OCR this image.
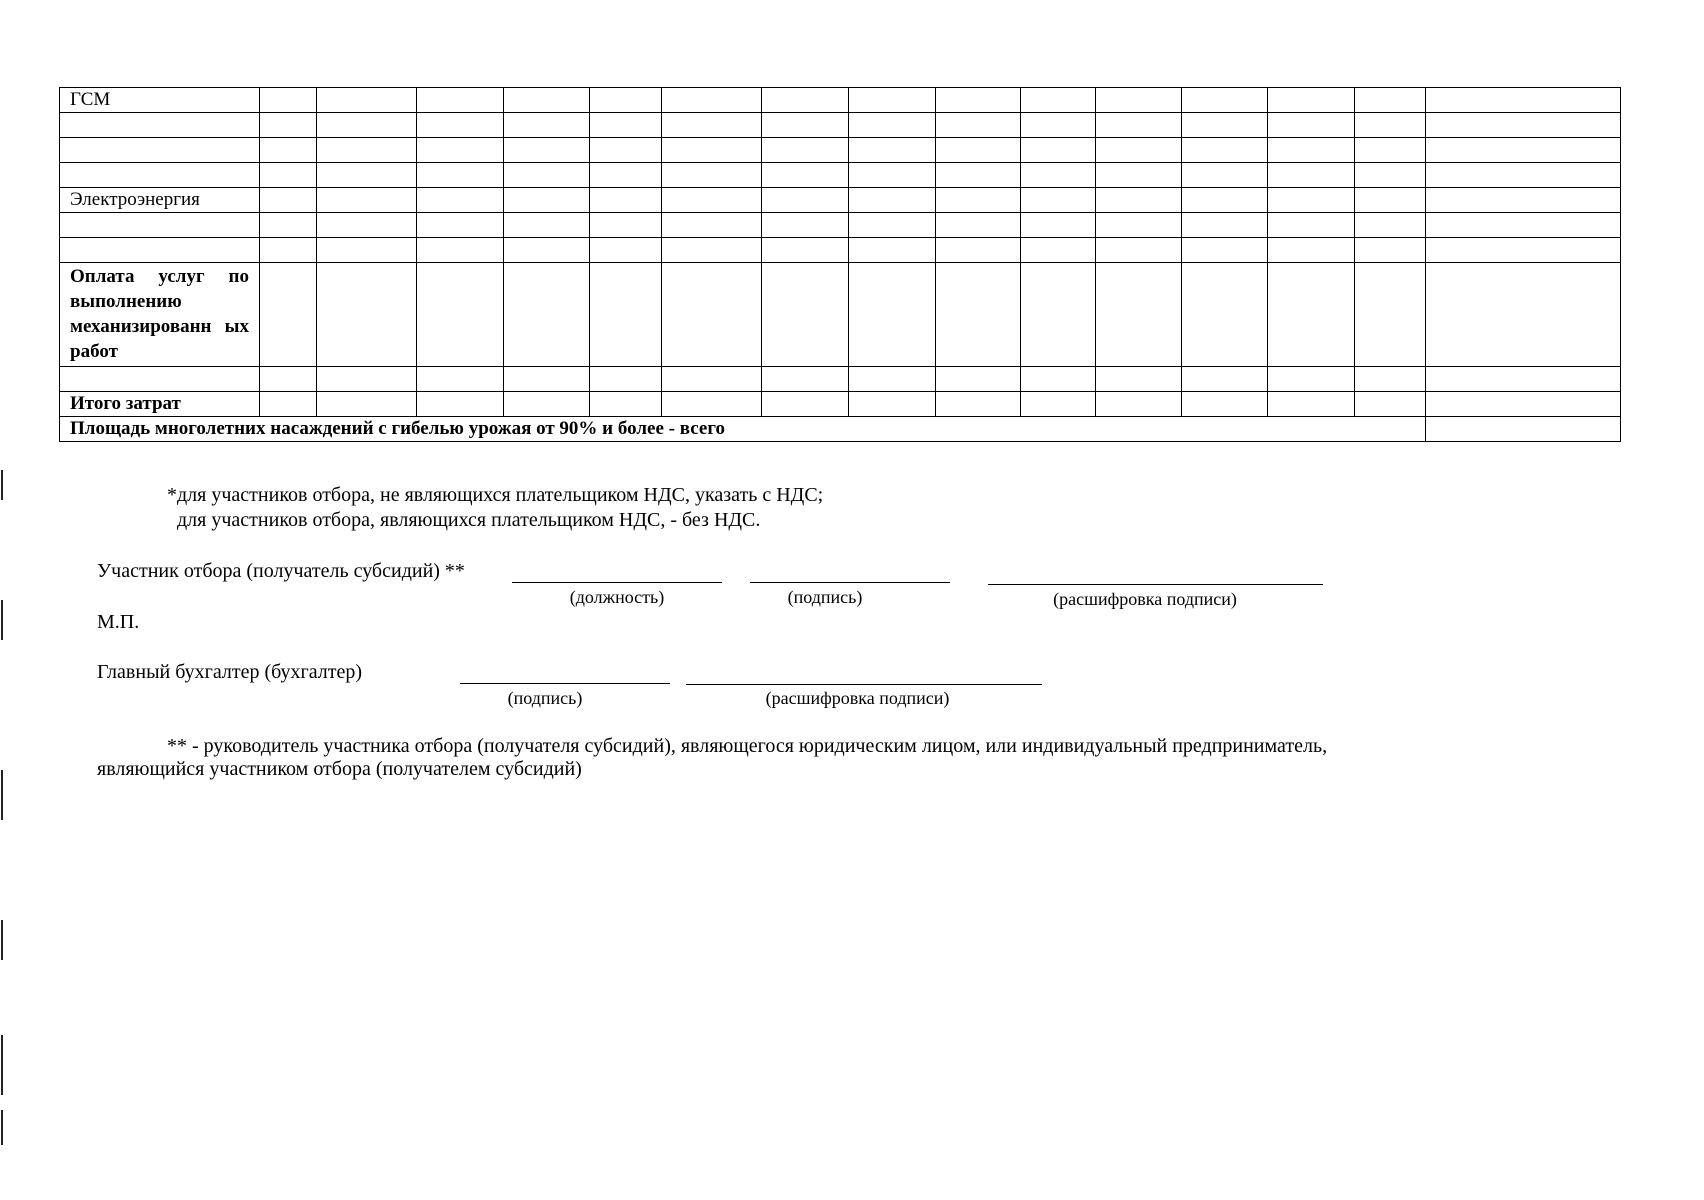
ГСМ															

Электроэнергия															

Оплата услуг по выполнению механизированн ых работ															

Итого затрат															
Площадь многолетних насаждений с гибелью урожая от 90% и более - всего															
*для участников отбора, не являющихся плательщиком НДС, указать с НДС;
для участников отбора, являющихся плательщиком НДС, - без НДС.
Участник отбора (получатель субсидий) **
(должность)	(подпись)	(расшифровка подписи)
М.П.
Главный бухгалтер (бухгалтер)
(подпись)	(расшифровка подписи)
** - руководитель участника отбора (получателя субсидий), являющегося юридическим лицом, или индивидуальный предприниматель,
являющийся участником отбора (получателем субсидий)
